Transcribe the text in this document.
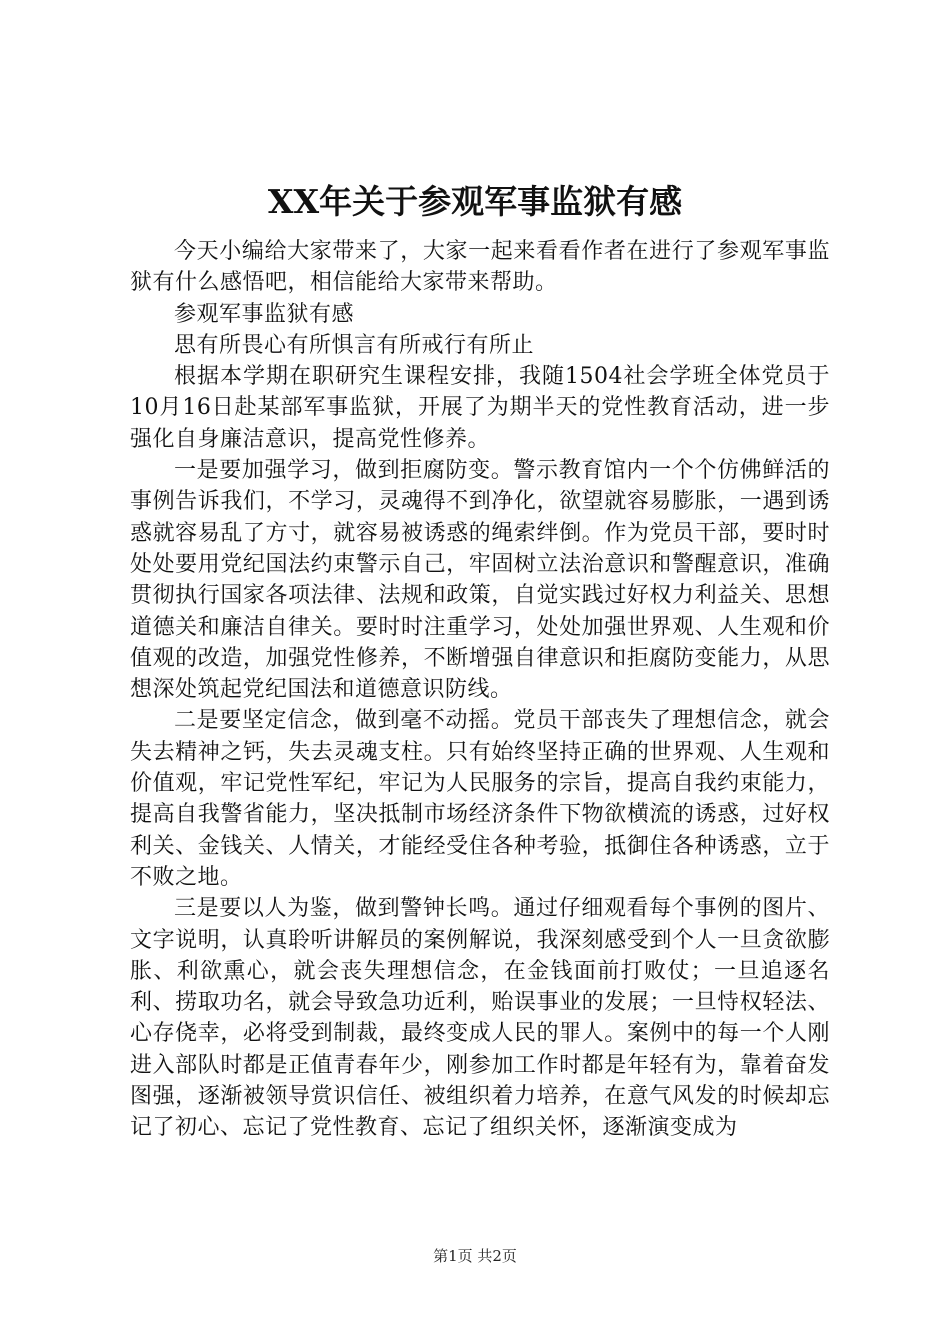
XX年关于参观军事监狱有感

今天小编给大家带来了，大家一起来看看作者在进行了参观军事监狱有什么感悟吧，相信能给大家带来帮助。

参观军事监狱有感

思有所畏心有所惧言有所戒行有所止

根据本学期在职研究生课程安排，我随1504社会学班全体党员于10月16日赴某部军事监狱，开展了为期半天的党性教育活动，进一步强化自身廉洁意识，提高党性修养。

一是要加强学习，做到拒腐防变。警示教育馆内一个个仿佛鲜活的事例告诉我们，不学习，灵魂得不到净化，欲望就容易膨胀，一遇到诱惑就容易乱了方寸，就容易被诱惑的绳索绊倒。作为党员干部，要时时处处要用党纪国法约束警示自己，牢固树立法治意识和警醒意识，准确贯彻执行国家各项法律、法规和政策，自觉实践过好权力利益关、思想道德关和廉洁自律关。要时时注重学习，处处加强世界观、人生观和价值观的改造，加强党性修养，不断增强自律意识和拒腐防变能力，从思想深处筑起党纪国法和道德意识防线。

二是要坚定信念，做到毫不动摇。党员干部丧失了理想信念，就会失去精神之钙，失去灵魂支柱。只有始终坚持正确的世界观、人生观和价值观，牢记党性军纪，牢记为人民服务的宗旨，提高自我约束能力，提高自我警省能力，坚决抵制市场经济条件下物欲横流的诱惑，过好权利关、金钱关、人情关，才能经受住各种考验，抵御住各种诱惑，立于不败之地。

三是要以人为鉴，做到警钟长鸣。通过仔细观看每个事例的图片、文字说明，认真聆听讲解员的案例解说，我深刻感受到个人一旦贪欲膨胀、利欲熏心，就会丧失理想信念，在金钱面前打败仗；一旦追逐名利、捞取功名，就会导致急功近利，贻误事业的发展；一旦恃权轻法、心存侥幸，必将受到制裁，最终变成人民的罪人。案例中的每一个人刚进入部队时都是正值青春年少，刚参加工作时都是年轻有为，靠着奋发图强，逐渐被领导赏识信任、被组织着力培养，在意气风发的时候却忘记了初心、忘记了党性教育、忘记了组织关怀，逐渐演变成为

第1页 共2页
